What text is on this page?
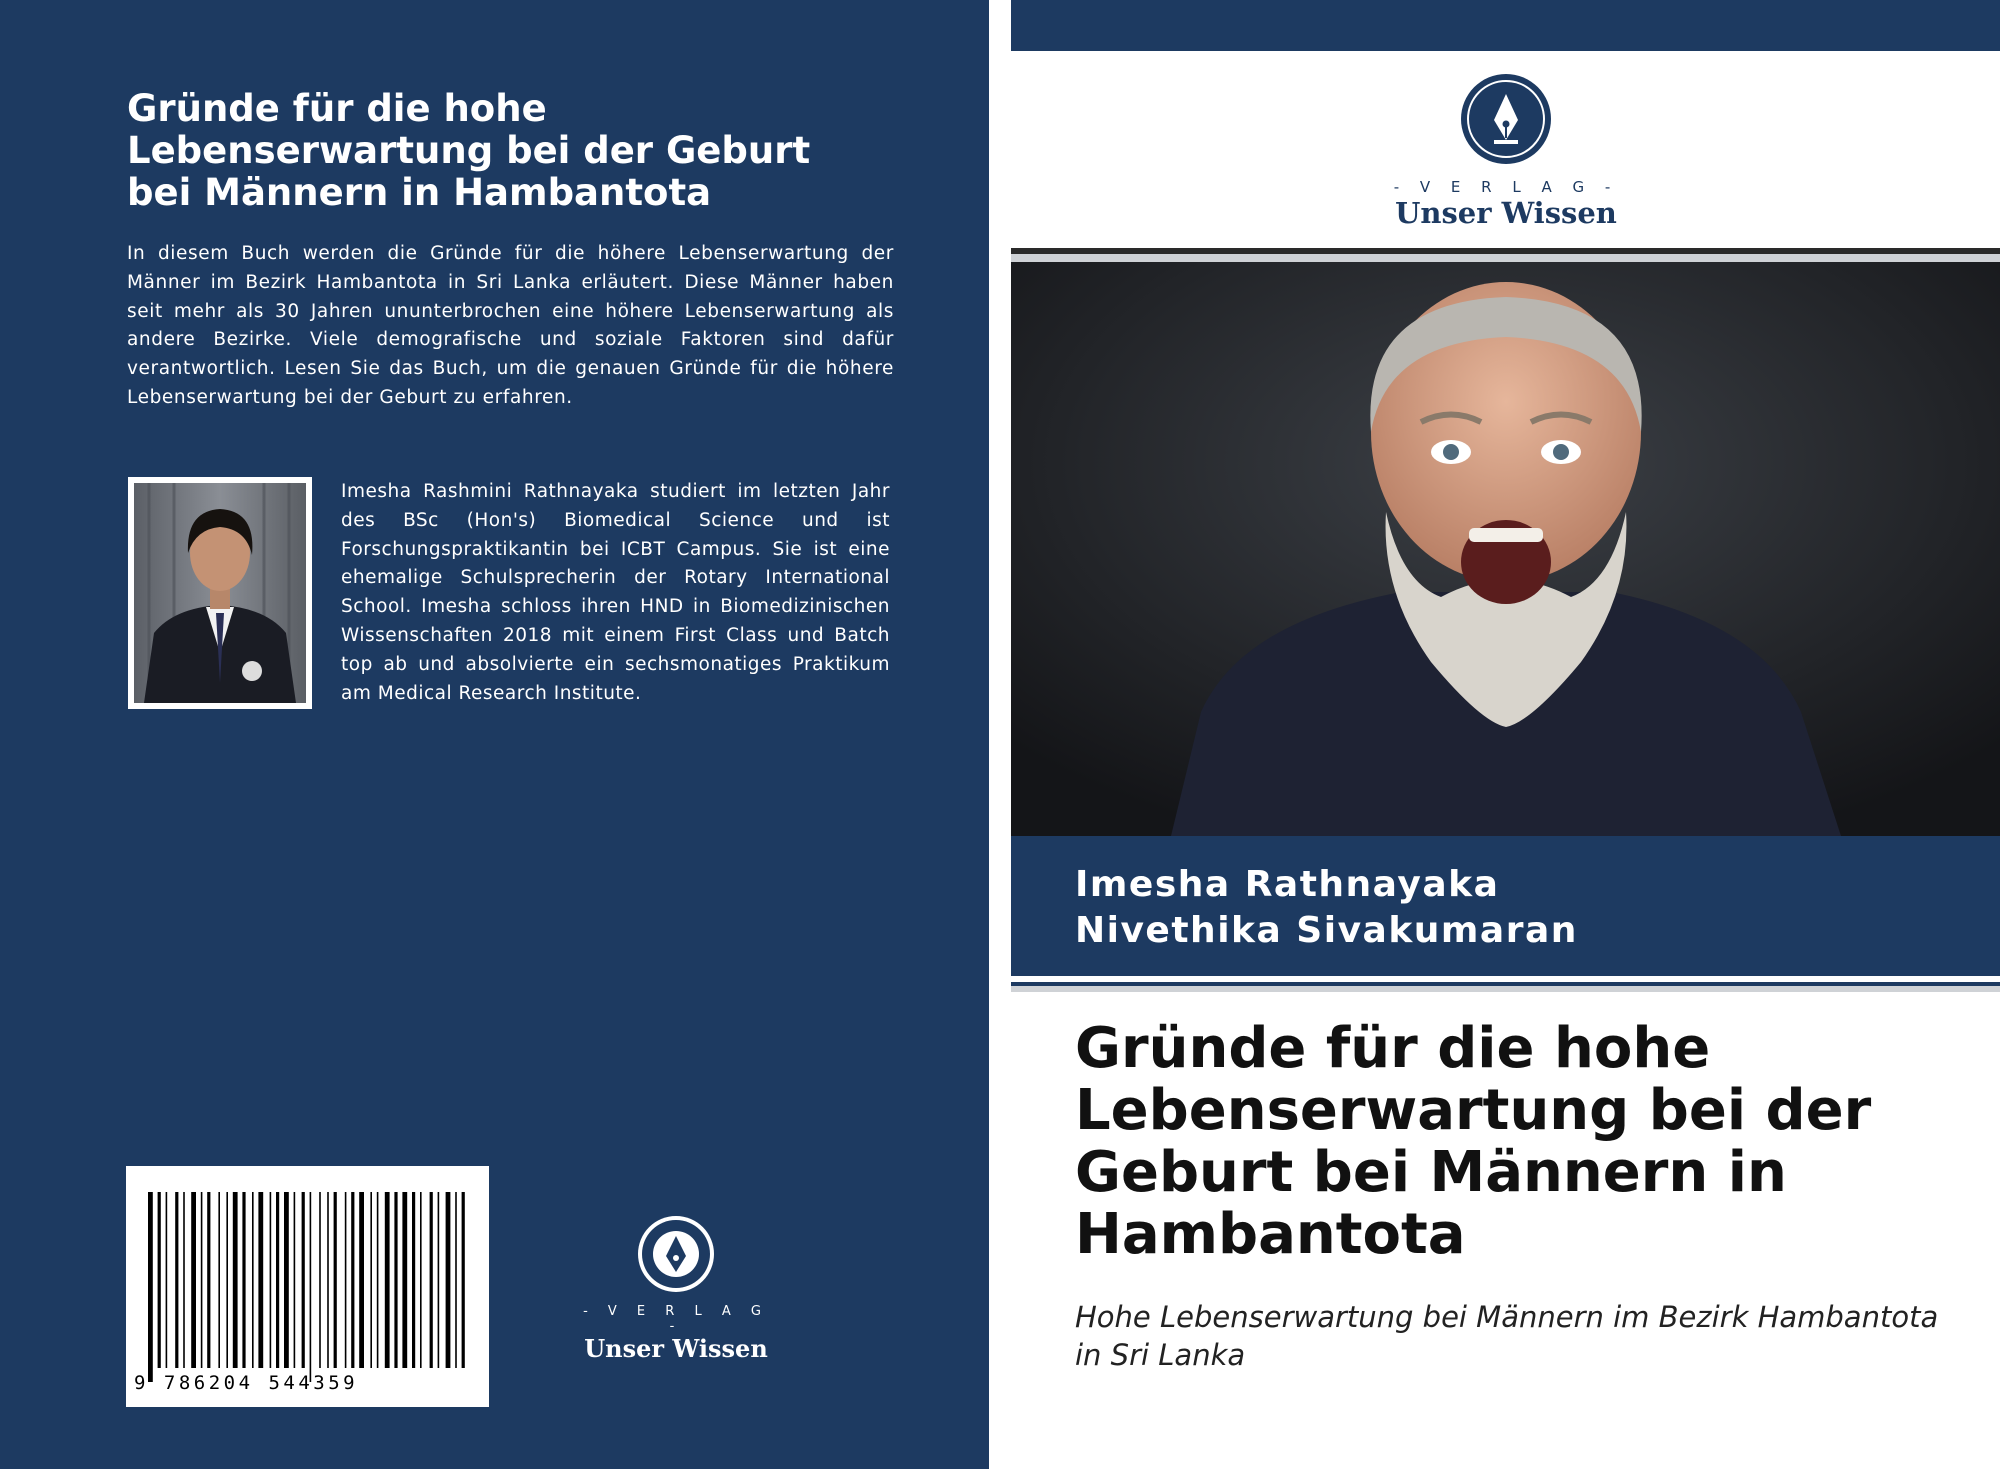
Gründe für die hohe Lebenserwartung bei der Geburt bei Männern in Hambantota

In diesem Buch werden die Gründe für die höhere Lebenserwartung der Männer im Bezirk Hambantota in Sri Lanka erläutert. Diese Männer haben seit mehr als 30 Jahren ununterbrochen eine höhere Lebenserwartung als andere Bezirke. Viele demografische und soziale Faktoren sind dafür verantwortlich. Lesen Sie das Buch, um die genauen Gründe für die höhere Lebenserwartung bei der Geburt zu erfahren.

Imesha Rashmini Rathnayaka studiert im letzten Jahr des BSc (Hon's) Biomedical Science und ist Forschungspraktikantin bei ICBT Campus. Sie ist eine ehemalige Schulsprecherin der Rotary International School. Imesha schloss ihren HND in Biomedizinischen Wissenschaften 2018 mit einem First Class und Batch top ab und absolvierte ein sechsmonatiges Praktikum am Medical Research Institute.

9 786204 544359
- V E R L A G -
Unser Wissen
- V E R L A G -
Unser Wissen
Imesha Rathnayaka
Nivethika Sivakumaran
Gründe für die hohe Lebenserwartung bei der Geburt bei Männern in Hambantota

Hohe Lebenserwartung bei Männern im Bezirk Hambantota in Sri Lanka
